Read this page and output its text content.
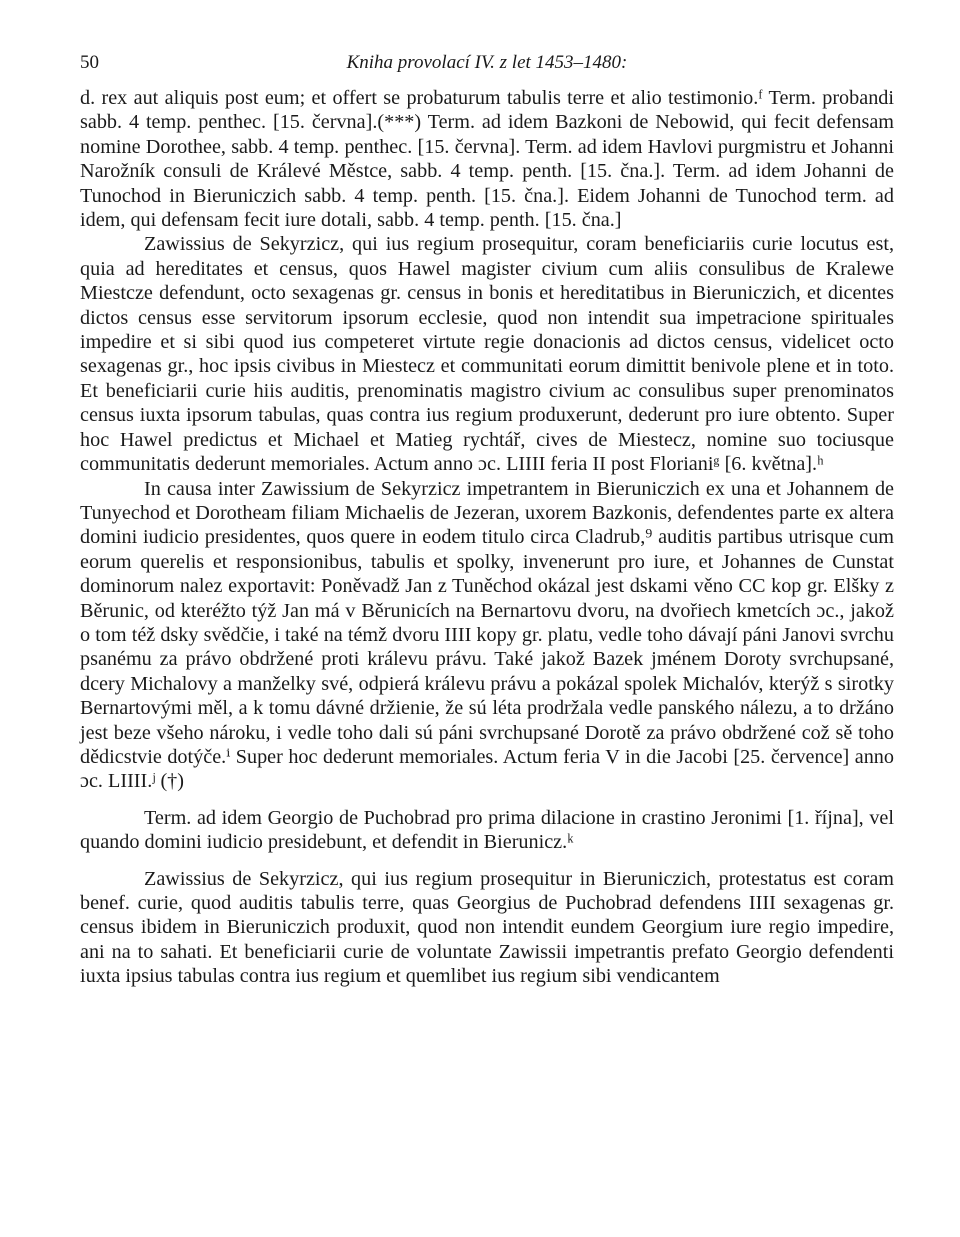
50	Kniha provolací IV. z let 1453–1480:

d. rex aut aliquis post eum; et offert se probaturum tabulis terre et alio testimonio.ᶠ Term. probandi sabb. 4 temp. penthec. [15. června].(***) Term. ad idem Bazkoni de Nebowid, qui fecit defensam nomine Dorothee, sabb. 4 temp. penthec. [15. června]. Term. ad idem Havlovi purgmistru et Johanni Narožník consuli de Králevé Městce, sabb. 4 temp. penth. [15. čna.]. Term. ad idem Johanni de Tunochod in Bieruniczich sabb. 4 temp. penth. [15. čna.]. Eidem Johanni de Tunochod term. ad idem, qui defensam fecit iure dotali, sabb. 4 temp. penth. [15. čna.]

Zawissius de Sekyrzicz, qui ius regium prosequitur, coram beneficiariis curie locutus est, quia ad hereditates et census, quos Hawel magister civium cum aliis consulibus de Kralewe Miestcze defendunt, octo sexagenas gr. census in bonis et hereditatibus in Bieruniczich, et dicentes dictos census esse servitorum ipsorum ecclesie, quod non intendit sua impetracione spirituales impedire et si sibi quod ius competeret virtute regie donacionis ad dictos census, videlicet octo sexagenas gr., hoc ipsis civibus in Miestecz et communitati eorum dimittit benivole plene et in toto. Et beneficiarii curie hiis auditis, prenominatis magistro civium ac consulibus super prenominatos census iuxta ipsorum tabulas, quas contra ius regium produxerunt, dederunt pro iure obtento. Super hoc Hawel predictus et Michael et Matieg rychtář, cives de Miestecz, nomine suo tociusque communitatis dederunt memoriales. Actum anno ɔc. LIIII feria II post Florianiᵍ [6. května].ʰ

In causa inter Zawissium de Sekyrzicz impetrantem in Bieruniczich ex una et Johannem de Tunyechod et Dorotheam filiam Michaelis de Jezeran, uxorem Bazkonis, defendentes parte ex altera domini iudicio presidentes, quos quere in eodem titulo circa Cladrub,⁹ auditis partibus utrisque cum eorum querelis et responsionibus, tabulis et spolky, invenerunt pro iure, et Johannes de Cunstat dominorum nalez exportavit: Poněvadž Jan z Tuněchod okázal jest dskami věno CC kop gr. Elšky z Běrunic, od kteréžto týž Jan má v Běrunicích na Bernartovu dvoru, na dvořiech kmetcích ɔc., jakož o tom též dsky svědčie, i také na témž dvoru IIII kopy gr. platu, vedle toho dávají páni Janovi svrchu psanému za právo obdržené proti králevu právu. Také jakož Bazek jménem Doroty svrchupsané, dcery Michalovy a manželky své, odpierá králevu právu a pokázal spolek Michalóv, kterýž s sirotky Bernartovými měl, a k tomu dávné držienie, že sú léta prodržala vedle panského nálezu, a to držáno jest beze všeho nároku, i vedle toho dali sú páni svrchupsané Dorotě za právo obdržené což sě toho dědicstvie dotýče.ⁱ Super hoc dederunt memoriales. Actum feria V in die Jacobi [25. července] anno ɔc. LIIII.ʲ (†)

Term. ad idem Georgio de Puchobrad pro prima dilacione in crastino Jeronimi [1. října], vel quando domini iudicio presidebunt, et defendit in Bierunicz.ᵏ

Zawissius de Sekyrzicz, qui ius regium prosequitur in Bieruniczich, protestatus est coram benef. curie, quod auditis tabulis terre, quas Georgius de Puchobrad defendens IIII sexagenas gr. census ibidem in Bieruniczich produxit, quod non intendit eundem Georgium iure regio impedire, ani na to sahati. Et beneficiarii curie de voluntate Zawissii impetrantis prefato Georgio defendenti iuxta ipsius tabulas contra ius regium et quemlibet ius regium sibi vendicantem
